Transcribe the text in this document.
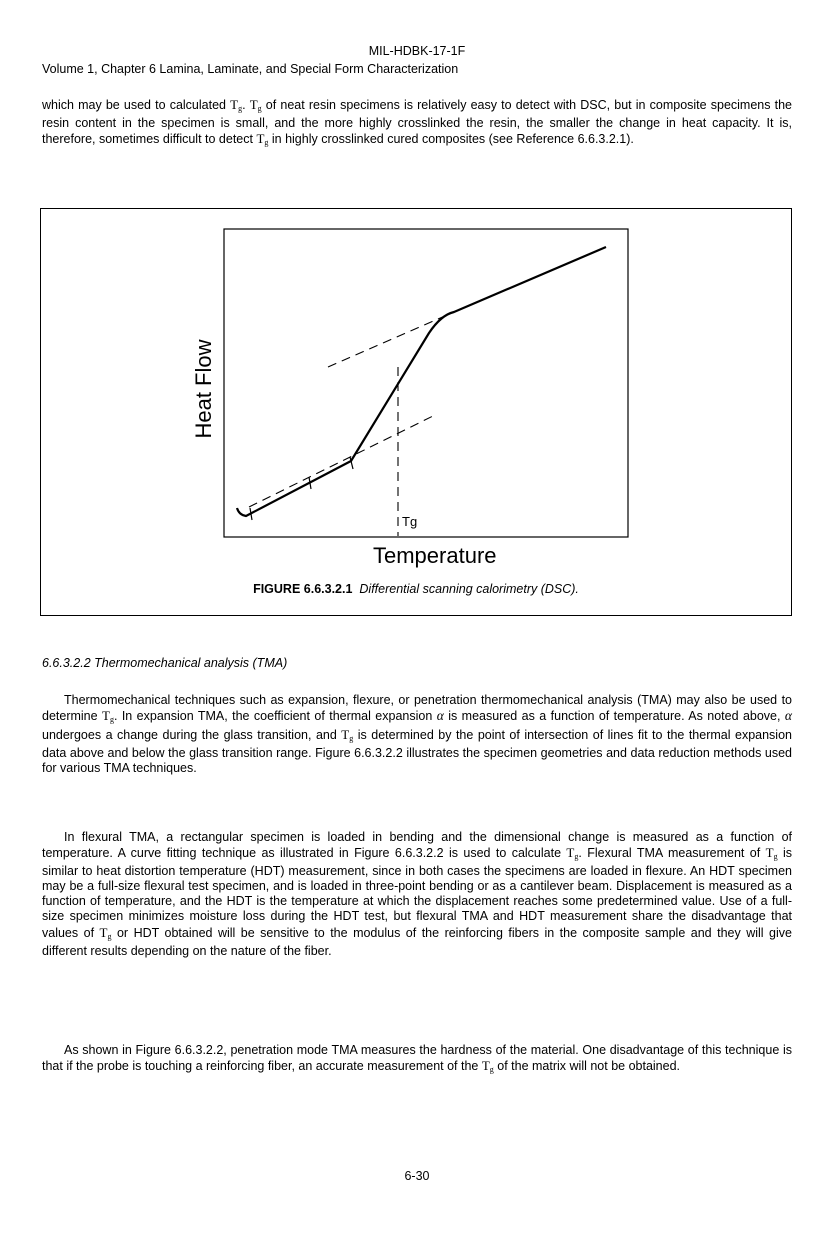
MIL-HDBK-17-1F
Volume 1, Chapter 6 Lamina, Laminate, and Special Form Characterization

which may be used to calculated $T_g$. $T_g$ of neat resin specimens is relatively easy to detect with DSC, but in composite specimens the resin content in the specimen is small, and the more highly crosslinked the resin, the smaller the change in heat capacity. It is, therefore, sometimes difficult to detect $T_g$ in highly crosslinked cured composites (see Reference 6.6.3.2.1).

Heat Flow
Temperature
Tg
FIGURE 6.6.3.2.1 Differential scanning calorimetry (DSC).
6.6.3.2.2 Thermomechanical analysis (TMA)

Thermomechanical techniques such as expansion, flexure, or penetration thermomechanical analysis (TMA) may also be used to determine $T_g$. In expansion TMA, the coefficient of thermal expansion α is measured as a function of temperature. As noted above, α undergoes a change during the glass transition, and $T_g$ is determined by the point of intersection of lines fit to the thermal expansion data above and below the glass transition range. Figure 6.6.3.2.2 illustrates the specimen geometries and data reduction methods used for various TMA techniques.

In flexural TMA, a rectangular specimen is loaded in bending and the dimensional change is measured as a function of temperature. A curve fitting technique as illustrated in Figure 6.6.3.2.2 is used to calculate $T_g$. Flexural TMA measurement of $T_g$ is similar to heat distortion temperature (HDT) measurement, since in both cases the specimens are loaded in flexure. An HDT specimen may be a full-size flexural test specimen, and is loaded in three-point bending or as a cantilever beam. Displacement is measured as a function of temperature, and the HDT is the temperature at which the displacement reaches some predetermined value. Use of a full-size specimen minimizes moisture loss during the HDT test, but flexural TMA and HDT measurement share the disadvantage that values of $T_g$ or HDT obtained will be sensitive to the modulus of the reinforcing fibers in the composite sample and they will give different results depending on the nature of the fiber.

As shown in Figure 6.6.3.2.2, penetration mode TMA measures the hardness of the material. One disadvantage of this technique is that if the probe is touching a reinforcing fiber, an accurate measurement of the $T_g$ of the matrix will not be obtained.

6-30
